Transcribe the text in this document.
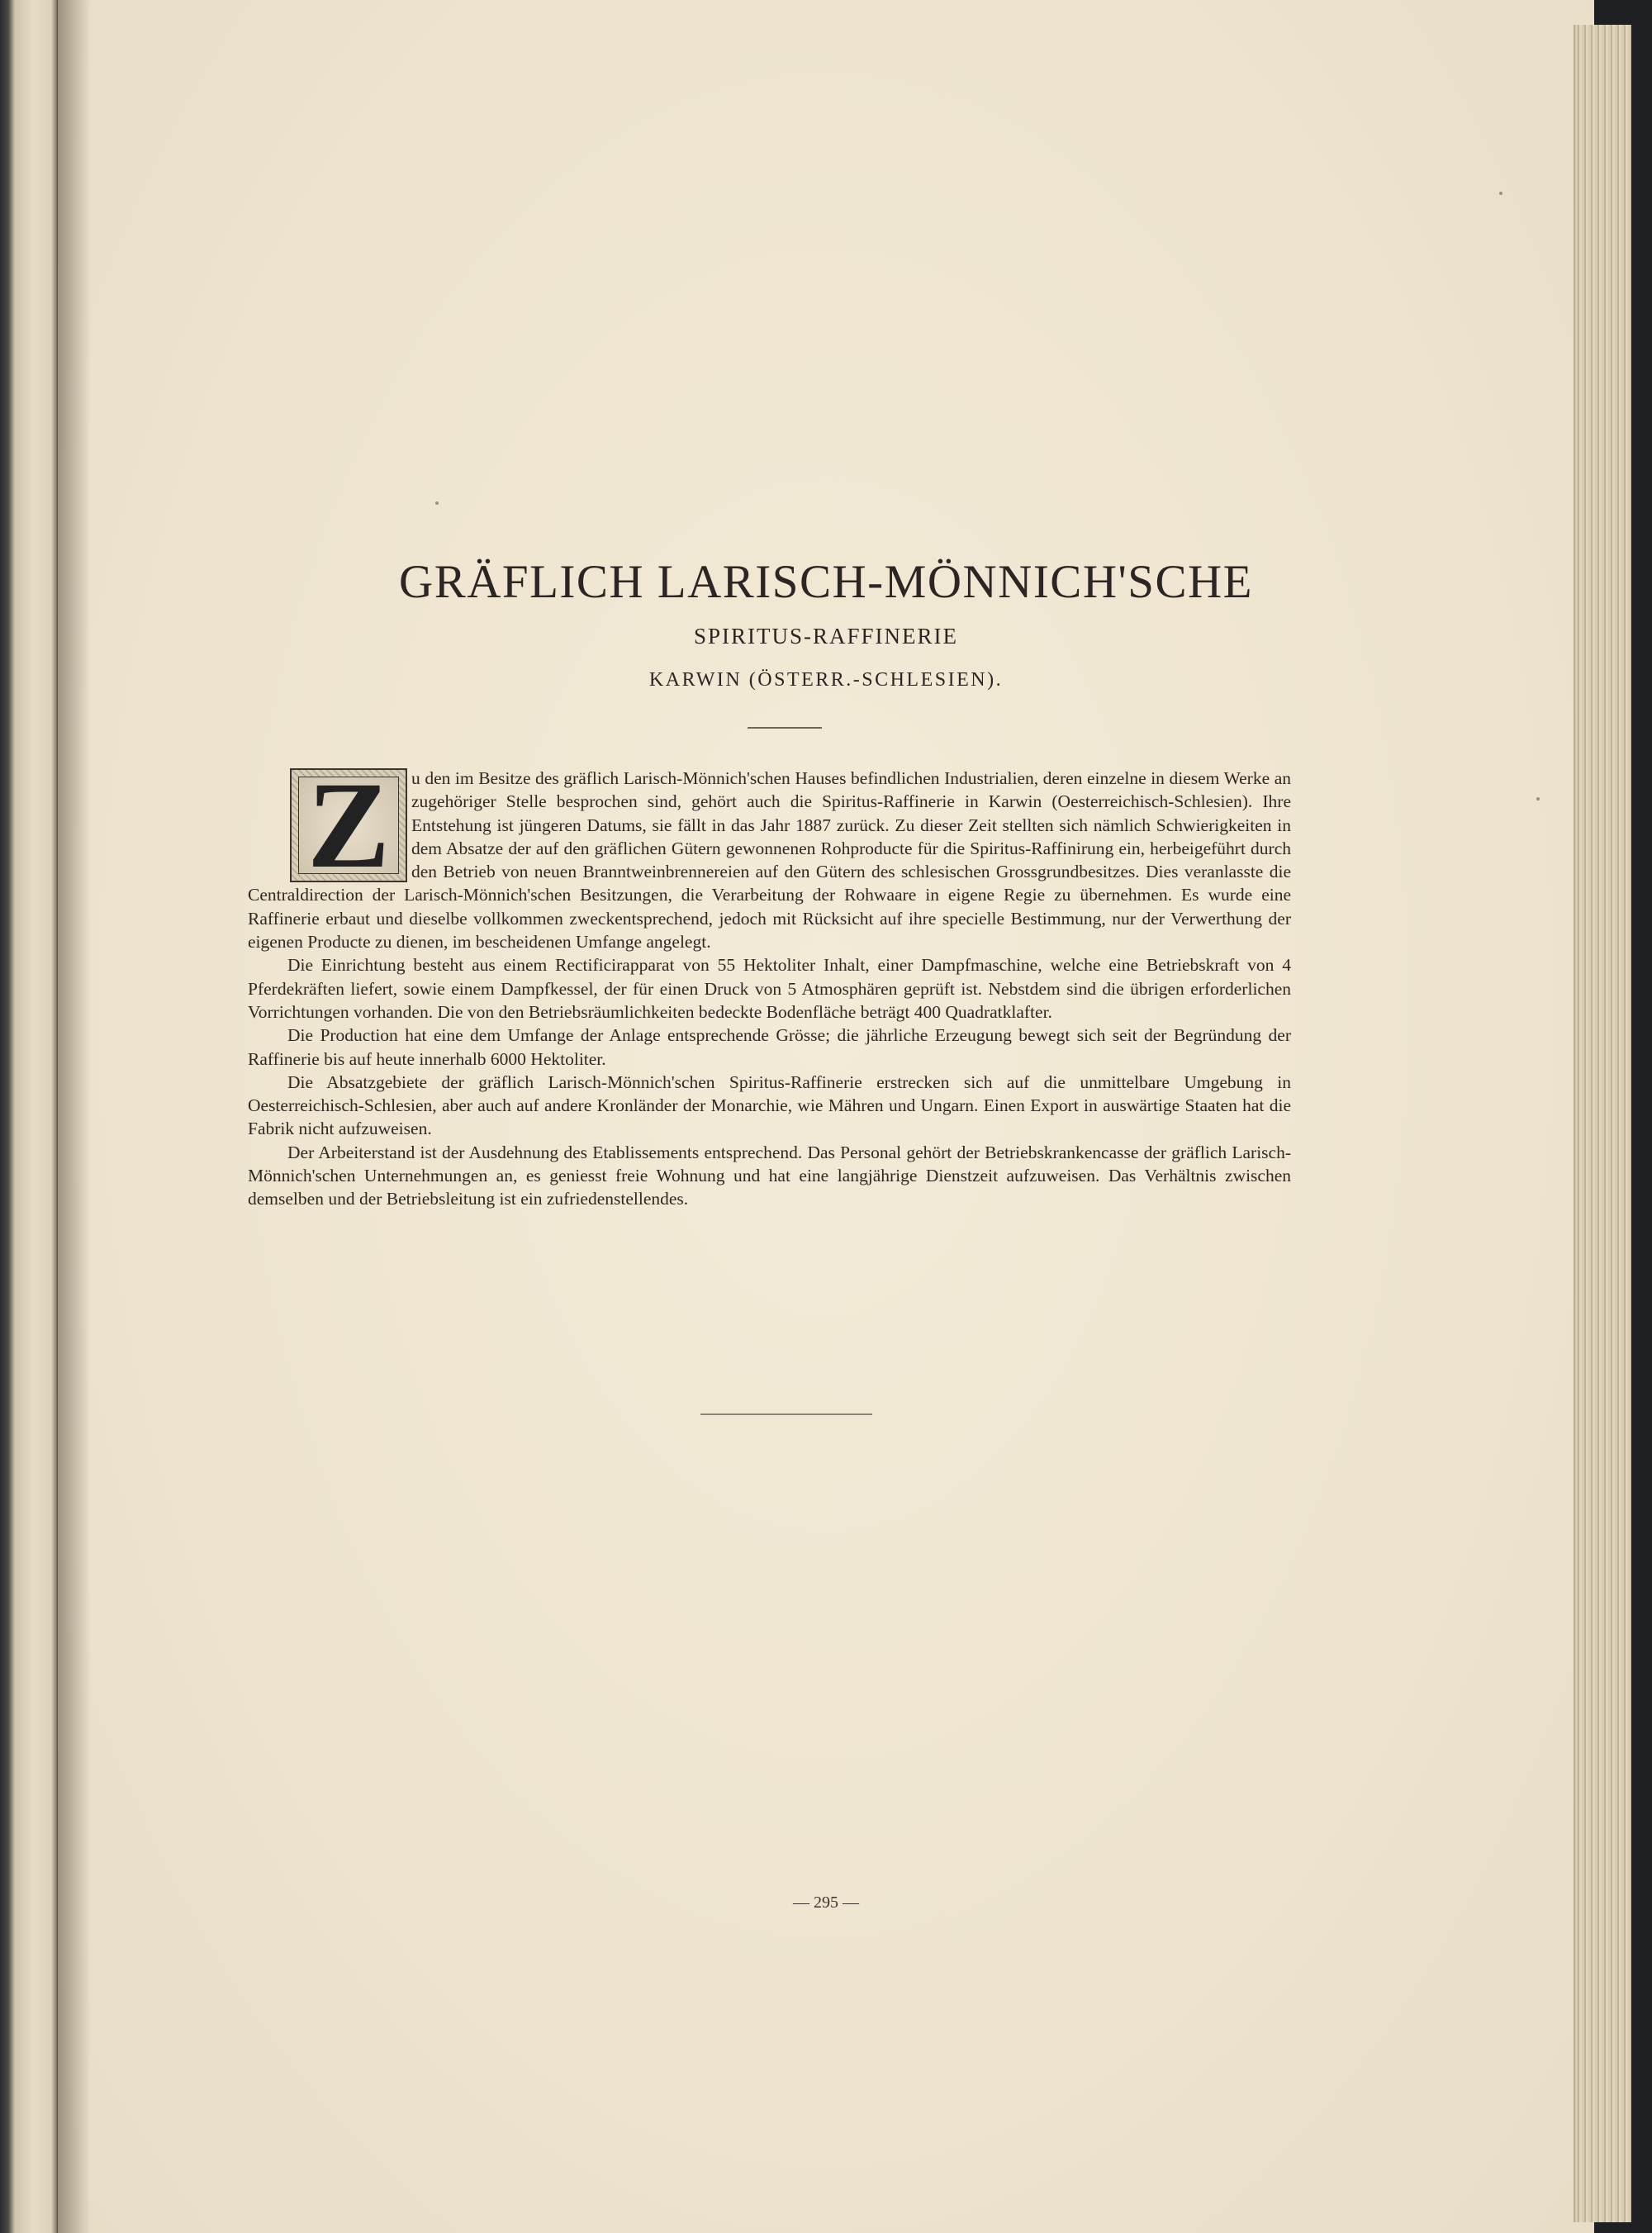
GRÄFLICH LARISCH-MÖNNICH'SCHE
SPIRITUS-RAFFINERIE
KARWIN (ÖSTERR.-SCHLESIEN).
Z	u den im Besitze des gräflich Larisch-Mönnich'schen Hauses befindlichen Industrialien, deren einzelne in diesem Werke an zugehöriger Stelle besprochen sind, gehört auch die Spiritus-Raffinerie in Karwin (Oesterreichisch-Schlesien). Ihre Entstehung ist jüngeren Datums, sie fällt in das Jahr 1887 zurück. Zu dieser Zeit stellten sich nämlich Schwierigkeiten in dem Absatze der auf den gräflichen Gütern gewonnenen Rohproducte für die Spiritus-Raffinirung ein, herbeigeführt durch den Betrieb von neuen Branntweinbrennereien auf den Gütern des schlesischen Grossgrundbesitzes. Dies veranlasste die Centraldirection der Larisch-Mönnich'schen Besitzungen, die Verarbeitung der Rohwaare in eigene Regie zu übernehmen. Es wurde eine Raffinerie erbaut und dieselbe vollkommen zweckentsprechend, jedoch mit Rücksicht auf ihre specielle Bestimmung, nur der Verwerthung der eigenen Producte zu dienen, im bescheidenen Umfange angelegt.

Die Einrichtung besteht aus einem Rectificirapparat von 55 Hektoliter Inhalt, einer Dampfmaschine, welche eine Betriebskraft von 4 Pferdekräften liefert, sowie einem Dampfkessel, der für einen Druck von 5 Atmosphären geprüft ist. Nebstdem sind die übrigen erforderlichen Vorrichtungen vorhanden. Die von den Betriebsräumlichkeiten bedeckte Bodenfläche beträgt 400 Quadratklafter.

Die Production hat eine dem Umfange der Anlage entsprechende Grösse; die jährliche Erzeugung bewegt sich seit der Begründung der Raffinerie bis auf heute innerhalb 6000 Hektoliter.

Die Absatzgebiete der gräflich Larisch-Mönnich'schen Spiritus-Raffinerie erstrecken sich auf die unmittelbare Umgebung in Oesterreichisch-Schlesien, aber auch auf andere Kronländer der Monarchie, wie Mähren und Ungarn. Einen Export in auswärtige Staaten hat die Fabrik nicht aufzuweisen.

Der Arbeiterstand ist der Ausdehnung des Etablissements entsprechend. Das Personal gehört der Betriebskrankencasse der gräflich Larisch-Mönnich'schen Unternehmungen an, es geniesst freie Wohnung und hat eine langjährige Dienstzeit aufzuweisen. Das Verhältnis zwischen demselben und der Betriebsleitung ist ein zufriedenstellendes.

— 295 —
